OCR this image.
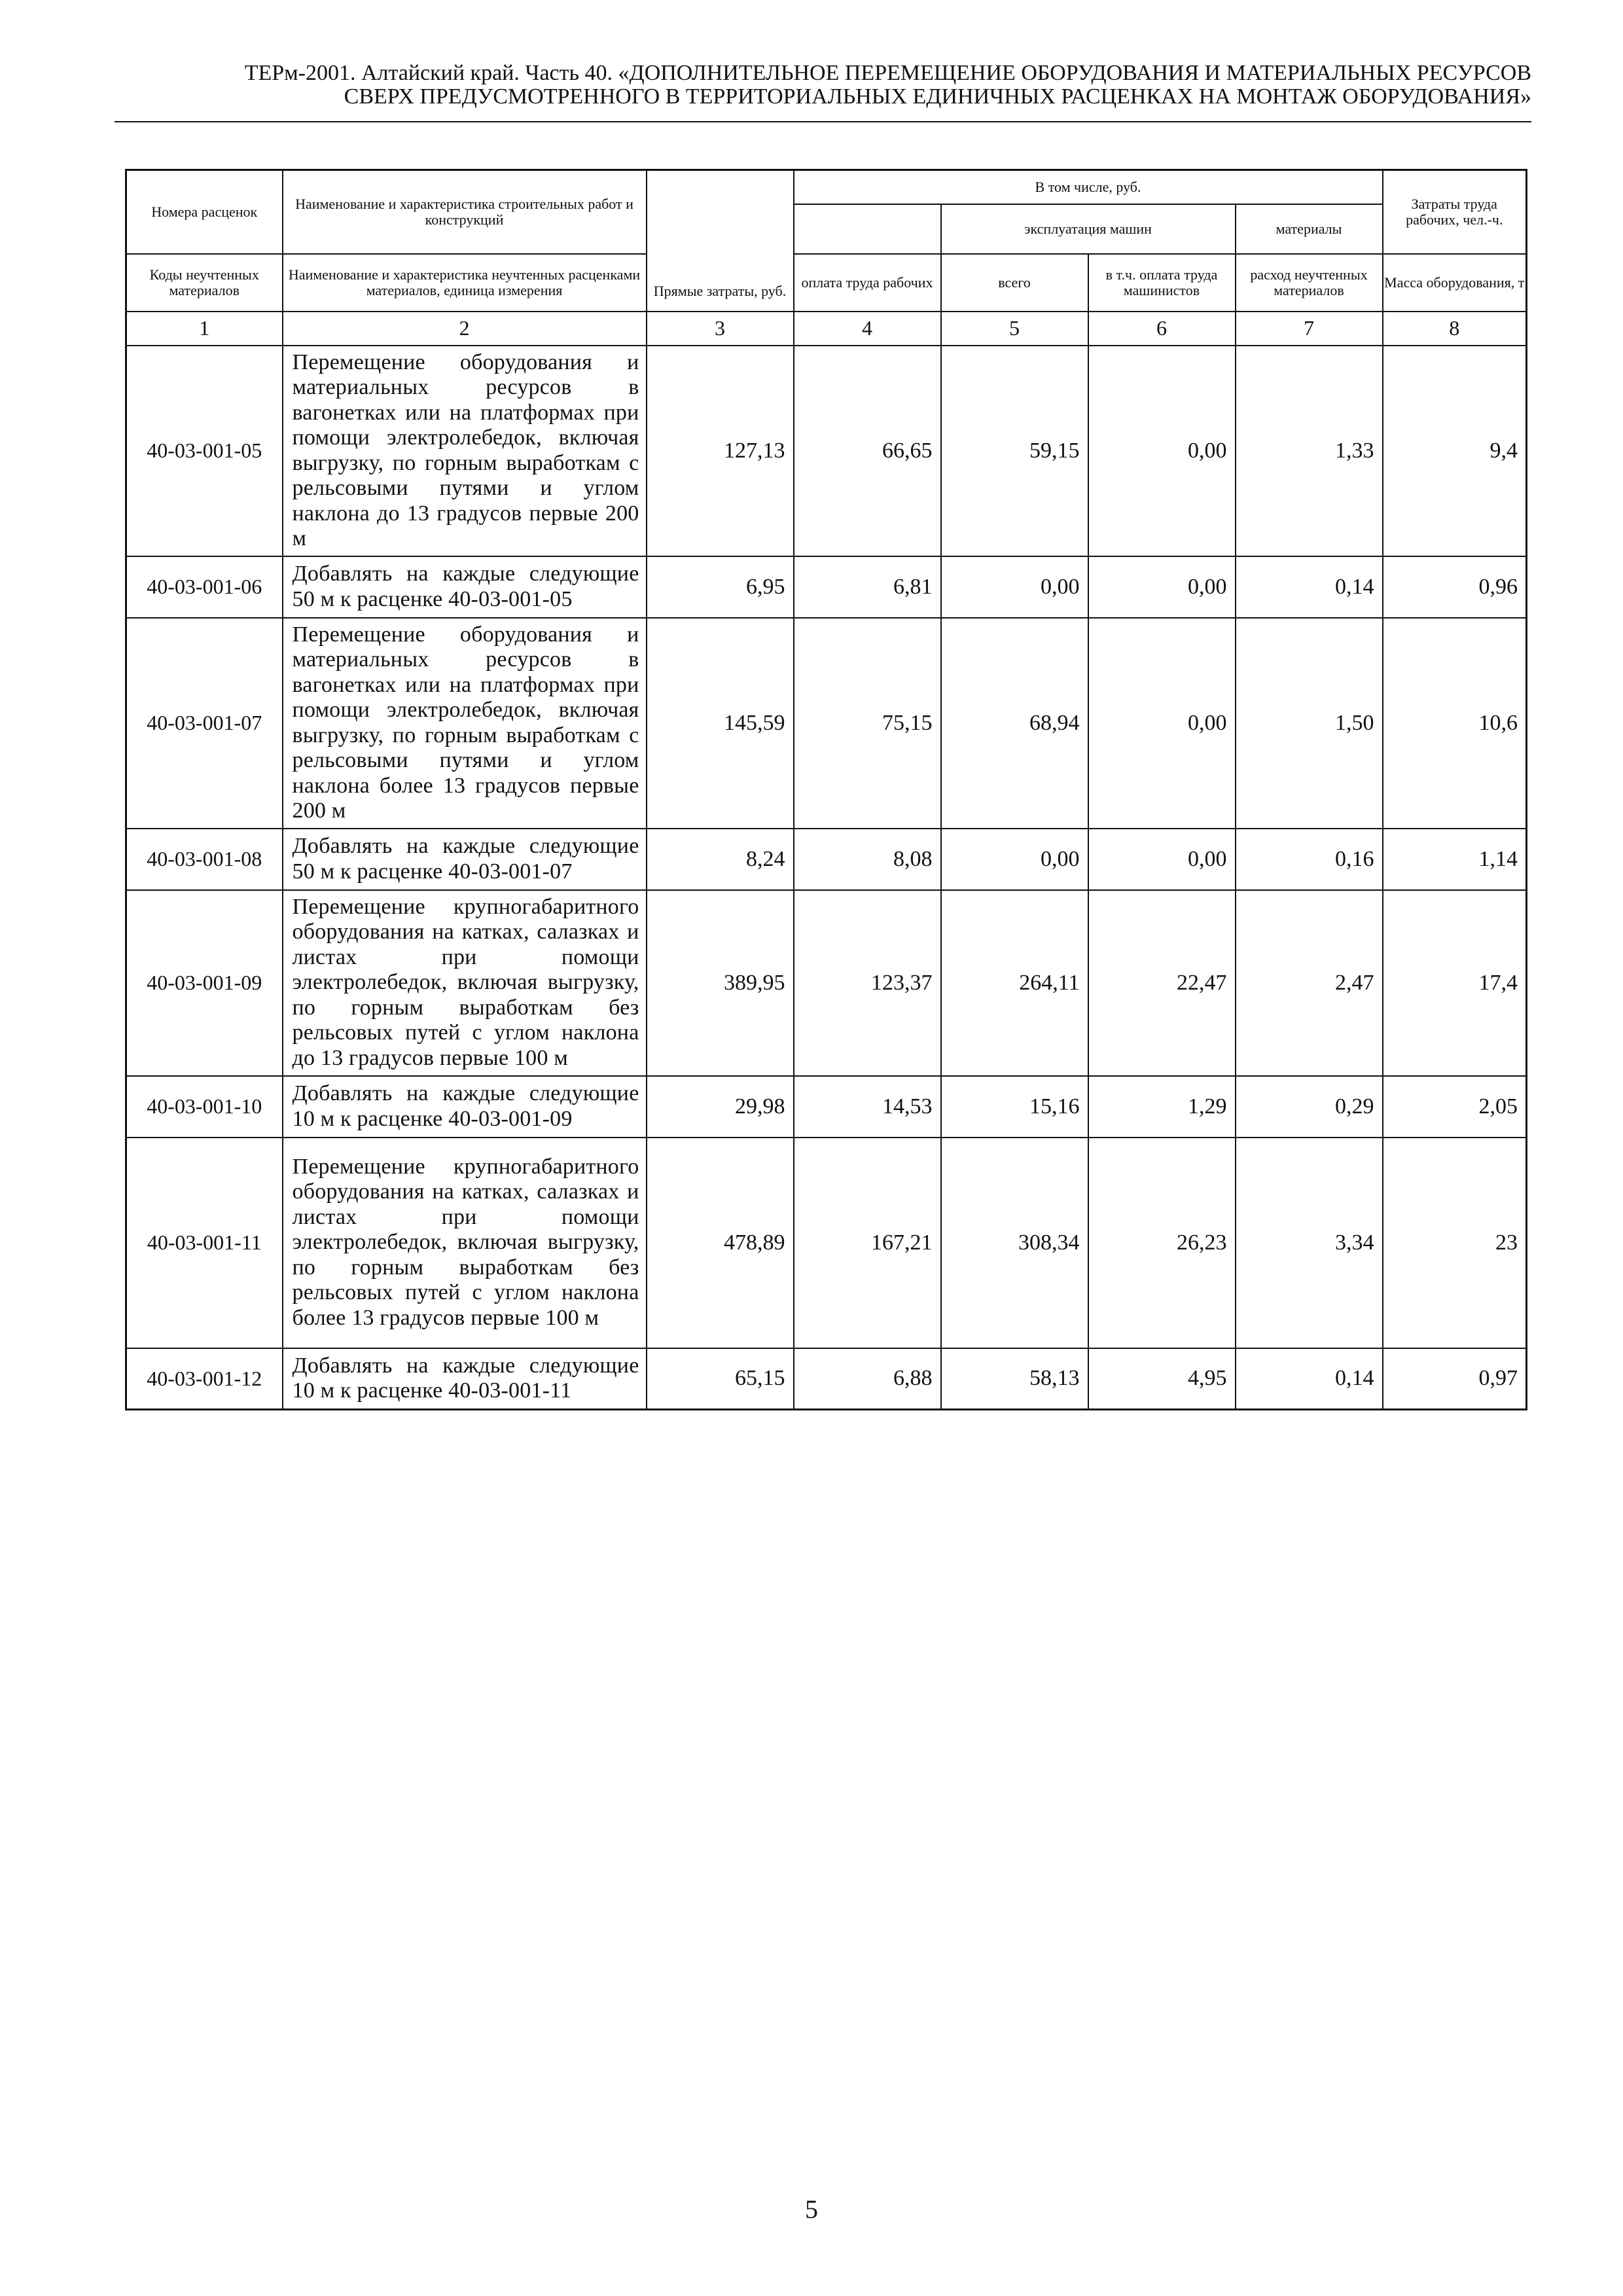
ТЕРм-2001. Алтайский край. Часть 40. «ДОПОЛНИТЕЛЬНОЕ ПЕРЕМЕЩЕНИЕ ОБОРУДОВАНИЯ И МАТЕРИАЛЬНЫХ РЕСУРСОВ
СВЕРХ ПРЕДУСМОТРЕННОГО В ТЕРРИТОРИАЛЬНЫХ ЕДИНИЧНЫХ РАСЦЕНКАХ НА МОНТАЖ ОБОРУДОВАНИЯ»
Номера расценок	Наименование и характеристика строительных работ и конструкций	Прямые затраты, руб.	В том числе, руб.				Затраты труда рабочих, чел.-ч.
				эксплуатация машин		материалы	
Коды неучтенных материалов	Наименование и характеристика неучтенных расценками материалов, единица измерения		оплата труда рабочих	всего	в т.ч. оплата труда машинистов	расход неучтенных материалов	Масса оборудования, т
1	2	3	4	5	6	7	8
40-03-001-05	Перемещение оборудования и материальных ресурсов в вагонетках или на платформах при помощи электролебедок, включая выгрузку, по горным выработкам с рельсовыми путями и углом наклона до 13 градусов первые 200 м	127,13	66,65	59,15	0,00	1,33	9,4
40-03-001-06	Добавлять на каждые следующие 50 м к расценке 40-03-001-05	6,95	6,81	0,00	0,00	0,14	0,96
40-03-001-07	Перемещение оборудования и материальных ресурсов в вагонетках или на платформах при помощи электролебедок, включая выгрузку, по горным выработкам с рельсовыми путями и углом наклона более 13 градусов первые 200 м	145,59	75,15	68,94	0,00	1,50	10,6
40-03-001-08	Добавлять на каждые следующие 50 м к расценке 40-03-001-07	8,24	8,08	0,00	0,00	0,16	1,14
40-03-001-09	Перемещение крупногабаритного оборудования на катках, салазках и листах при помощи электролебедок, включая выгрузку, по горным выработкам без рельсовых путей с углом наклона до 13 градусов первые 100 м	389,95	123,37	264,11	22,47	2,47	17,4
40-03-001-10	Добавлять на каждые следующие 10 м к расценке 40-03-001-09	29,98	14,53	15,16	1,29	0,29	2,05
40-03-001-11	Перемещение крупногабаритного оборудования на катках, салазках и листах при помощи электролебедок, включая выгрузку, по горным выработкам без рельсовых путей с углом наклона более 13 градусов первые 100 м	478,89	167,21	308,34	26,23	3,34	23
40-03-001-12	Добавлять на каждые следующие 10 м к расценке 40-03-001-11	65,15	6,88	58,13	4,95	0,14	0,97
5
